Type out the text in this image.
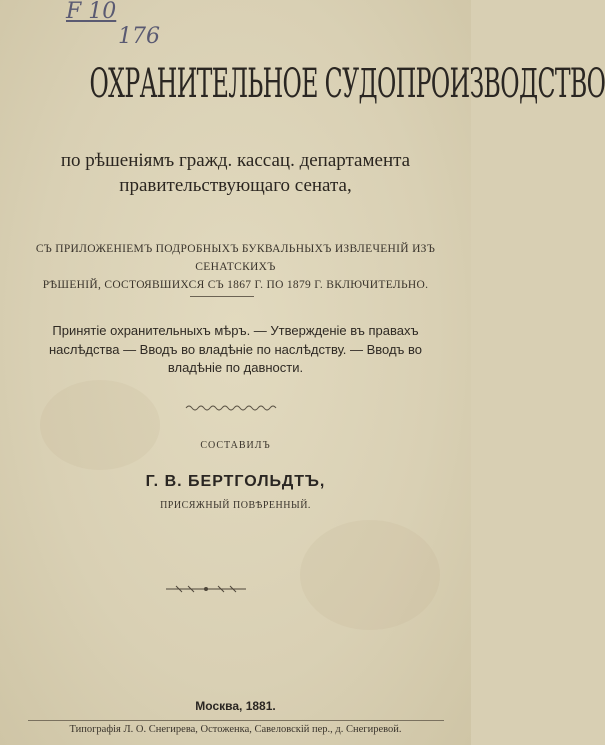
F 10
176
ОХРАНИТЕЛЬНОЕ СУДОПРОИЗВОДСТВО
по рѣшеніямъ гражд. кассац. департамента
правительствующаго сената,
СЪ ПРИЛОЖЕНІЕМЪ ПОДРОБНЫХЪ БУКВАЛЬНЫХЪ ИЗВЛЕЧЕНІЙ ИЗЪ СЕНАТСКИХЪ
РѢШЕНІЙ, СОСТОЯВШИХСЯ СЪ 1867 Г. ПО 1879 Г. ВКЛЮЧИТЕЛЬНО.
Принятіе охранительныхъ мѣръ. — Утвержденіе въ правахъ
наслѣдства — Вводъ во владѣніе по наслѣдству. — Вводъ во
владѣніе по давности.
СОСТАВИЛЪ
Г. В. БЕРТГОЛЬДТЪ,
ПРИСЯЖНЫЙ ПОВѢРЕННЫЙ.
Москва, 1881.
Типографія Л. О. Снегирева, Остоженка, Савеловскій пер., д. Снегиревой.
